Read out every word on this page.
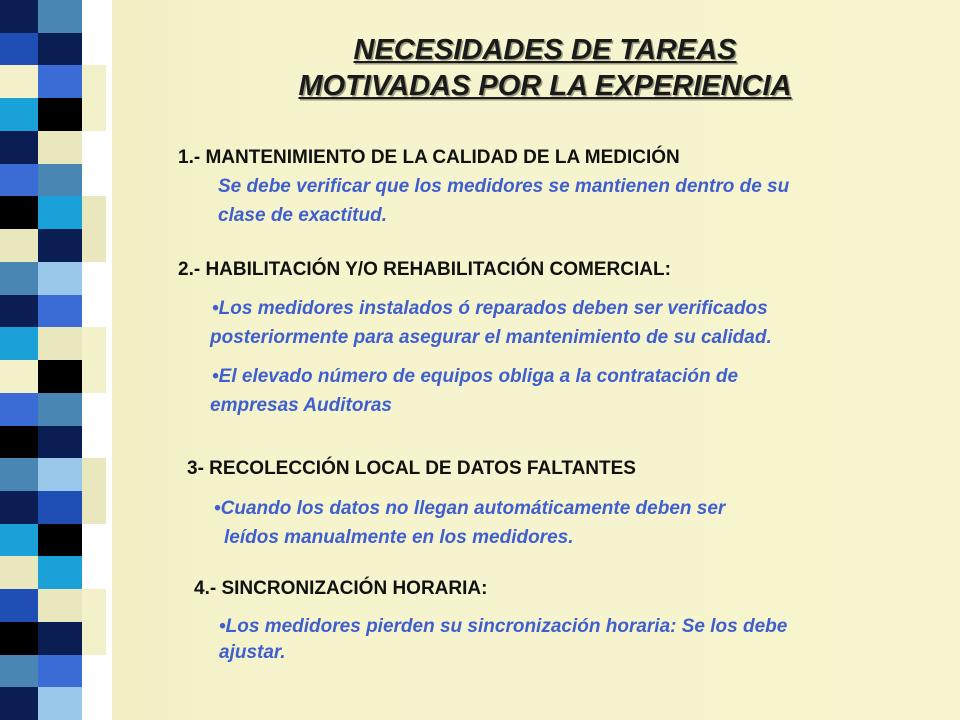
NECESIDADES DE TAREAS
MOTIVADAS POR LA EXPERIENCIA
1.- MANTENIMIENTO DE LA CALIDAD DE LA MEDICIÓN
Se debe verificar que los medidores se mantienen dentro de su
clase de exactitud.
2.- HABILITACIÓN Y/O REHABILITACIÓN COMERCIAL:
•Los medidores instalados ó reparados deben ser verificados
posteriormente para asegurar el mantenimiento de su calidad.
•El elevado número de equipos obliga a la contratación de
empresas Auditoras
3- RECOLECCIÓN LOCAL DE DATOS FALTANTES
•Cuando los datos no llegan automáticamente deben ser
leídos manualmente en los medidores.
4.- SINCRONIZACIÓN HORARIA:
•Los medidores pierden su sincronización horaria: Se los debe
ajustar.
